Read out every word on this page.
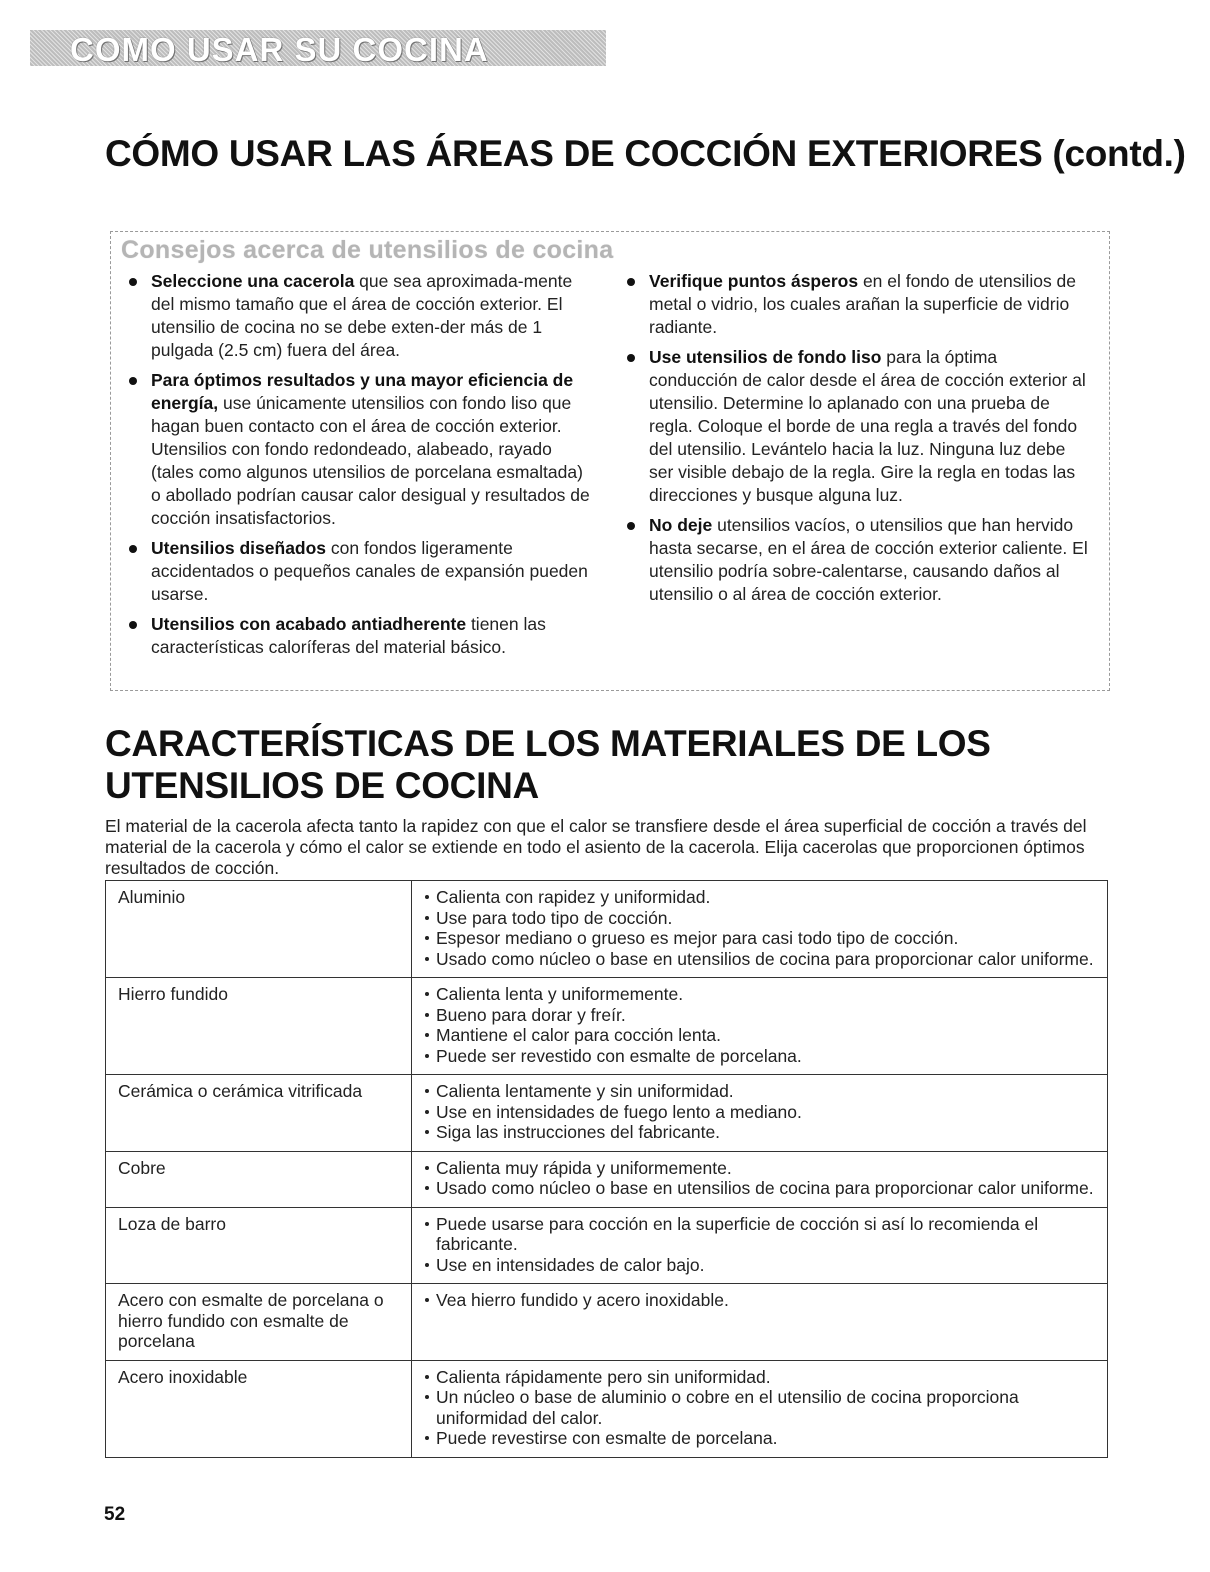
COMO USAR SU COCINA
CÓMO USAR LAS ÁREAS DE COCCIÓN EXTERIORES (contd.)
Consejos acerca de utensilios de cocina
Seleccione una cacerola que sea aproximada-mente del mismo tamaño que el área de cocción exterior. El utensilio de cocina no se debe exten-der más de 1 pulgada (2.5 cm) fuera del área.
Para óptimos resultados y una mayor eficiencia de energía, use únicamente utensilios con fondo liso que hagan buen contacto con el área de cocción exterior. Utensilios con fondo redondeado, alabeado, rayado (tales como algunos utensilios de porcelana esmaltada) o abollado podrían causar calor desigual y resultados de cocción insatisfactorios.
Utensilios diseñados con fondos ligeramente accidentados o pequeños canales de expansión pueden usarse.
Utensilios con acabado antiadherente tienen las características caloríferas del material básico.
Verifique puntos ásperos en el fondo de utensilios de metal o vidrio, los cuales arañan la superficie de vidrio radiante.
Use utensilios de fondo liso para la óptima conducción de calor desde el área de cocción exterior al utensilio. Determine lo aplanado con una prueba de regla. Coloque el borde de una regla a través del fondo del utensilio. Levántelo hacia la luz. Ninguna luz debe ser visible debajo de la regla. Gire la regla en todas las direcciones y busque alguna luz.
No deje utensilios vacíos, o utensilios que han hervido hasta secarse, en el área de cocción exterior caliente. El utensilio podría sobre-calentarse, causando daños al utensilio o al área de cocción exterior.
CARACTERÍSTICAS DE LOS MATERIALES DE LOS UTENSILIOS DE COCINA

El material de la cacerola afecta tanto la rapidez con que el calor se transfiere desde el área superficial de cocción a través del material de la cacerola y cómo el calor se extiende en todo el asiento de la cacerola. Elija cacerolas que proporcionen óptimos resultados de cocción.

Aluminio	Calienta con rapidez y uniformidad.
Use para todo tipo de cocción.
Espesor mediano o grueso es mejor para casi todo tipo de cocción.
Usado como núcleo o base en utensilios de cocina para proporcionar calor uniforme.

Hierro fundido	Calienta lenta y uniformemente.
Bueno para dorar y freír.
Mantiene el calor para cocción lenta.
Puede ser revestido con esmalte de porcelana.

Cerámica o cerámica vitrificada	Calienta lentamente y sin uniformidad.
Use en intensidades de fuego lento a mediano.
Siga las instrucciones del fabricante.

Cobre	Calienta muy rápida y uniformemente.
Usado como núcleo o base en utensilios de cocina para proporcionar calor uniforme.

Loza de barro	Puede usarse para cocción en la superficie de cocción si así lo recomienda el fabricante.
Use en intensidades de calor bajo.

Acero con esmalte de porcelana o hierro fundido con esmalte de porcelana	Vea hierro fundido y acero inoxidable.

Acero inoxidable	Calienta rápidamente pero sin uniformidad.
Un núcleo o base de aluminio o cobre en el utensilio de cocina proporciona uniformidad del calor.
Puede revestirse con esmalte de porcelana.
52
